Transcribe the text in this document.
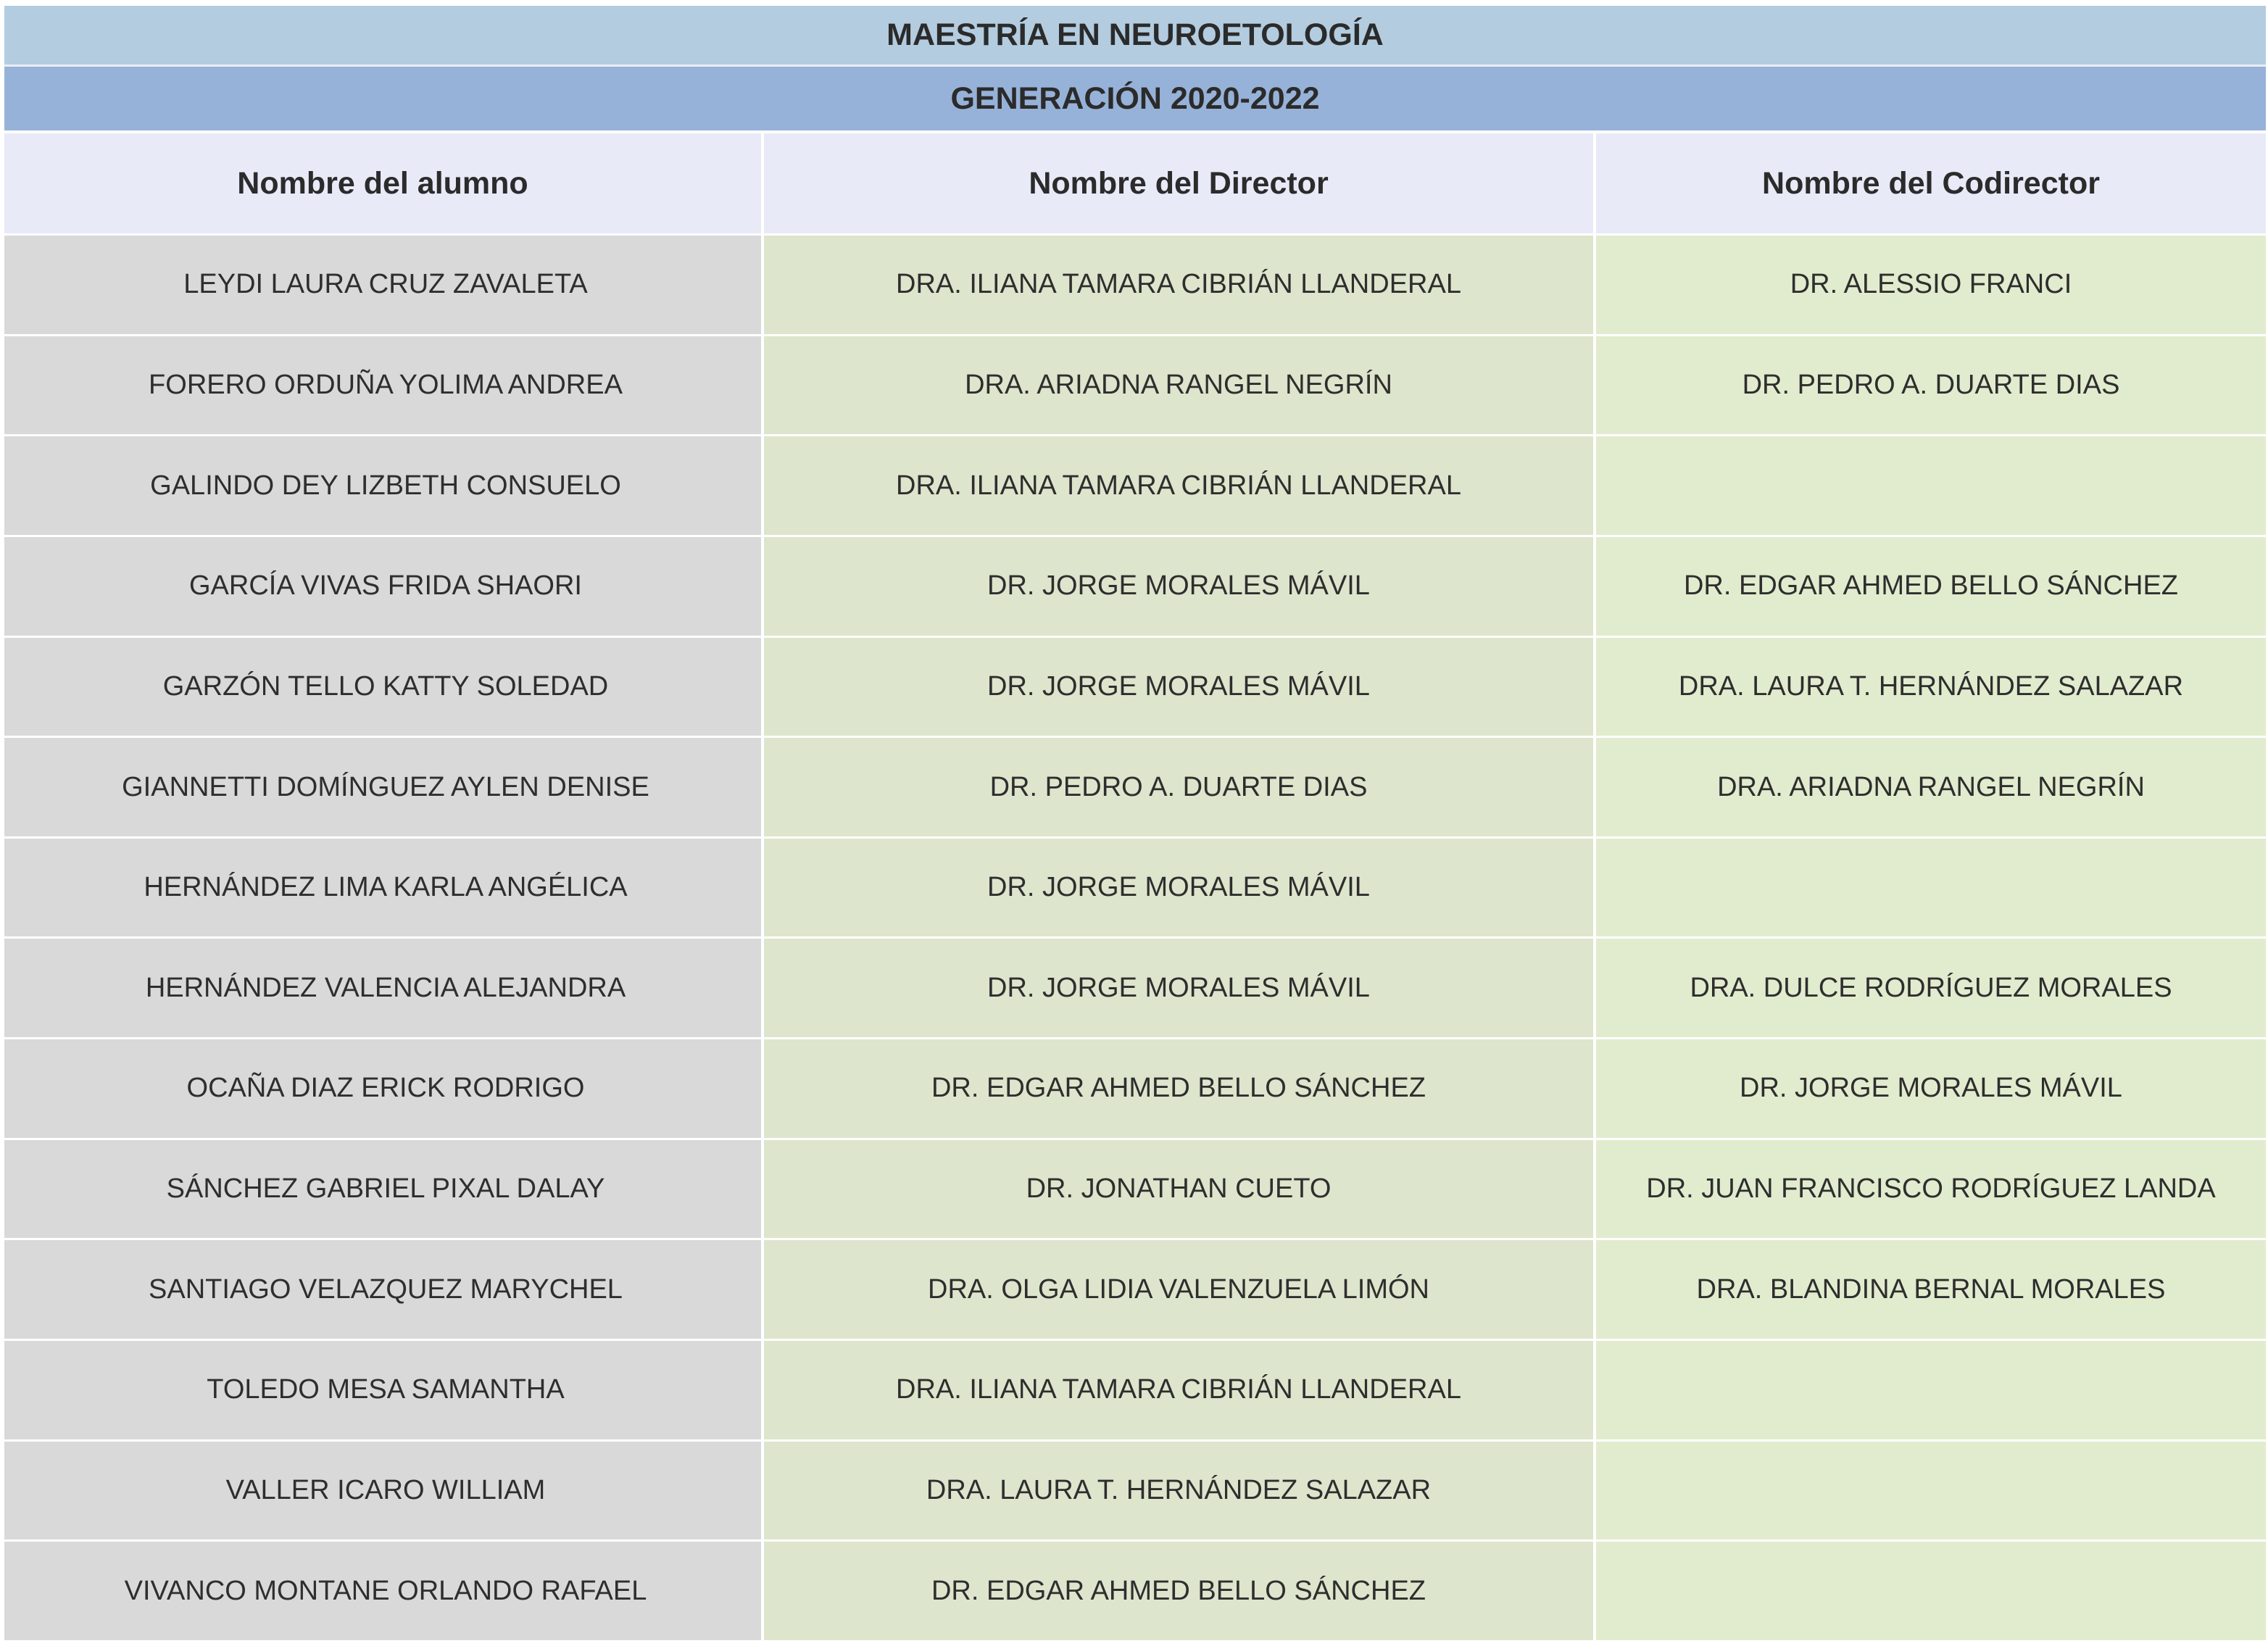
MAESTRÍA EN NEUROETOLOGÍA
GENERACIÓN 2020-2022
Nombre del alumno	Nombre del Director	Nombre del Codirector
LEYDI LAURA CRUZ ZAVALETA	DRA. ILIANA TAMARA CIBRIÁN LLANDERAL	DR. ALESSIO FRANCI
FORERO ORDUÑA YOLIMA ANDREA	DRA. ARIADNA RANGEL NEGRÍN	DR. PEDRO A. DUARTE DIAS
GALINDO DEY LIZBETH CONSUELO	DRA. ILIANA TAMARA CIBRIÁN LLANDERAL
GARCÍA VIVAS FRIDA SHAORI	DR. JORGE MORALES MÁVIL	DR. EDGAR AHMED BELLO SÁNCHEZ
GARZÓN TELLO KATTY SOLEDAD	DR. JORGE MORALES MÁVIL	DRA. LAURA T. HERNÁNDEZ SALAZAR
GIANNETTI DOMÍNGUEZ AYLEN DENISE	DR. PEDRO A. DUARTE DIAS	DRA. ARIADNA RANGEL NEGRÍN
HERNÁNDEZ LIMA KARLA ANGÉLICA	DR. JORGE MORALES MÁVIL
HERNÁNDEZ VALENCIA ALEJANDRA	DR. JORGE MORALES MÁVIL	DRA. DULCE RODRÍGUEZ MORALES
OCAÑA DIAZ ERICK RODRIGO	DR. EDGAR AHMED BELLO SÁNCHEZ	DR. JORGE MORALES MÁVIL
SÁNCHEZ GABRIEL PIXAL DALAY	DR. JONATHAN CUETO	DR. JUAN FRANCISCO RODRÍGUEZ LANDA
SANTIAGO VELAZQUEZ MARYCHEL	DRA. OLGA LIDIA VALENZUELA LIMÓN	DRA. BLANDINA BERNAL MORALES
TOLEDO MESA SAMANTHA	DRA. ILIANA TAMARA CIBRIÁN LLANDERAL
VALLER ICARO WILLIAM	DRA. LAURA T. HERNÁNDEZ SALAZAR
VIVANCO MONTANE ORLANDO RAFAEL	DR. EDGAR AHMED BELLO SÁNCHEZ
